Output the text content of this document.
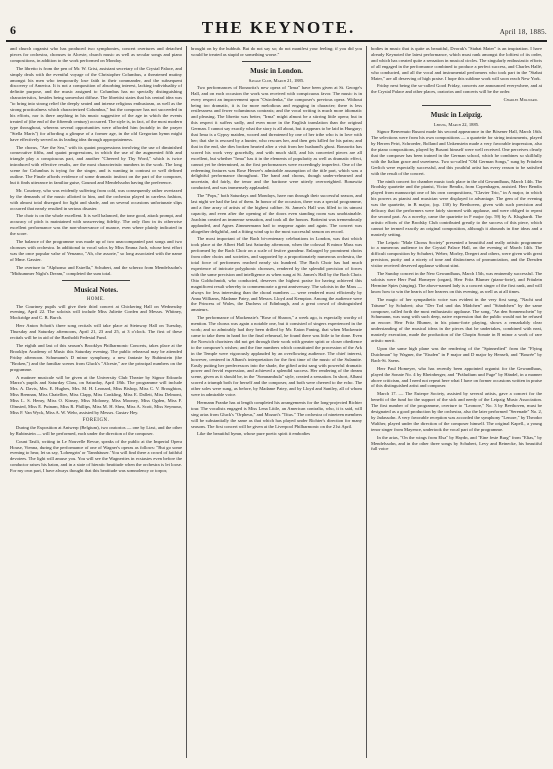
6	THE KEYNOTE.	April 18, 1885.

and church organist who has produced two symphonies, concert overtures and detached pieces for orchestra, choruses to Alceste, church music as well as secular songs and piano compositions, in addition to the work performed on Monday.

The libretto is from the pen of Mr. W. Grist, assistant secretary of the Crystal Palace, and simply deals with the eventful voyage of the Christopher Columbus, a threatened mutiny amongst his men who temporarily lose faith in their commander, and the subsequent discovery of America. It is not a composition of absorbing interest, lacking individuality of definite purpose, and the music assigned to Columbus has no specially distinguishing characteristics, besides being somewhat diffuse. The librettist states that his central idea was "to bring into strong relief the deeply seated and intense religious enthusiasm, as well as the strong practicalness which characterized Columbus," but the composer has not succeeded in his efforts, nor is there anything in his music suggestive of the age in which the events treated of (the end of the fifteenth century) occurred. The style is, in fact, of the most modern type throughout, whereas several opportunities were afforded him (notably in the prayer "Stella Maris") for affording a glimpse of a former age, in the old Gregorian hymn might have effectively served as its leading idea through appropriateness.

The chorus, "Are the Sea," with its quaint progressions involving the use of diminished consecutive fifths, and quaint progressions, in which the use of the augmented fifth and triangle play a conspicuous part, and another "Cheered by Thy Word," which is twice introduced with effective results, are the most characteristic numbers in the work. The long scene for Columbus is trying for the singer, and is wanting in contrast or well defined outline. The Finale affords evidence of some dramatic instinct on the part of the composer, but it finds utterance in familiar guise, Gounod and Mendelssohn having the preference.

Mr. Courtney, who was evidently suffering from cold, was consequently rather overtaxed by the demands of the music allotted to him, and the orchestra played in careless fashion, with almost total disregard for light and shade, and on several occasions unfortunate slips occurred that nearly resulted in serious disaster.

The choir is on the whole excellent. It is well balanced, the tone good, attack prompt, and accuracy of pitch is maintained with unswerving fidelity. The only flaw in its otherwise excellent performance was the non-observance of nuance, even where plainly indicated in the score.

The balance of the programme was made up of two unaccompanied part songs and two choruses with orchestra. In additional to vocal solos by Miss Emma Juch, whose best effort was the once popular valse of Venzano, "Ah, che assorte," so long associated with the name of Mme. Gassier.

The overture to "Alphonso and Estrella," Schubert, and the scherzo from Mendelssohn's "Midsummer Night's Dream," completed the sum total.

Musical Notes.
HOME.

The Courtney pupils will give their third concert at Chickering Hall on Wednesday evening, April 22. The soloists will include Miss Juliette Corden and Messrs. Whitney, Mockridge and C. B. Burch.

Herr Anton Schott's three song recitals will take place at Steinway Hall on Tuesday, Thursday and Saturday afternoons, April 21, 23 and 25, at 3 o'clock. The first of these recitals will be in aid of the Bartholdi Pedestal Fund.

The eighth and last of this season's Brooklyn Philharmonic Concerts, takes place at the Brooklyn Academy of Music this Saturday evening. The public rehearsal may be attended Friday afternoon. Schumann's D minor symphony, a new fantasie by Rubinstein (the "Broken,") and the familiar scenes from Gluck's "Alceste," are the principal numbers on the programme.

A matinee musicale will be given at the University Club Theatre by Signor Edoardo Marzo's pupils and Saturday Class, on Saturday, April 18th. The programme will include Mrs. A. Davis, Mrs. E. Hughes, Mrs. M. H. Leonard, Miss Bishop, Miss C. V. Broughton, Miss Brennan, Miss Chatellier, Miss Clapp, Miss Conkling, Miss E. Dallett, Miss Delmont, Miss L. S. Henry, Miss O. Kinsey, Miss Moloney, Miss Mooney, Miss Ogden, Miss F. Olmsted, Miss E. Putnam, Miss R. Phillips, Miss M. H. Shea, Miss A. Scott, Miss Seymour, Miss F. Van Wyck, Miss A. W. Wehr, assisted by Messrs. Gustav Hey.

FOREIGN.

During the Exposition at Antwerp (Belgium), two oratorios — one by Lizst, and the other by Rubinstein — will be performed, each under the direction of the composer.

Count Tasili, writing in Le Nouvelle Revue, speaks of the public at the Imperial Opera House, Vienna, during the performance of one of Wagner's operas as follows: "But go some evening to hear, let us say, 'Lohengrin' or 'Tannhäuser.' You will find there a crowd of faithful devotees. The light will amuse you. You will see the Wagnerites in ecstasies even before the conductor raises his baton, and in a state of hieratic beatitude when the orchestra is let loose. For my own part, I have always thought that this beatitude was somnolency or torpor,

brought on by the hubbub. But do not say so; do not manifest your feeling; if you did you would be treated as stupid or something worse."

Music in London.
Savage Club, March 21, 1885.

Two performances of Bonawitz's new opera of "Irma" have been given at St. George's Hall, and on each occasion the work was received with conspicuous favor. The music is in every respect an improvement upon "Ostrolenka," the composer's previous opera. Without being too dramatic, it is far more melodious and engaging in character; there is less restlessness and fewer voluminous contrasts; and the vocal writing is much more idiomatic and pleasing. The libretto was better, "Irma" might almost be a stirring little opera; but in this respect it suffers sadly, and even more in the English translation than the original German. I cannot say exactly what the story is all about, but it appears to be laid in Hungary; that Irma is a Gypsy maiden, wooed and threatened by one of her tribe who is in love with her; that she is rescued by a hunter, who rescues her, and then gets killed for his pains; and that in the end, she dies broken hearted after a visit from her husband's ghost. Bonawitz has scored his work very gracefully, and with much skill, and his concerted pieces are all excellent, but whether "Irma" has it in the elements of popularity as well as dramatic effect, cannot yet be determined, as the first performances were exceedingly imperfect. One of the redeeming features was Rose Hersee's admirable assumption of the title part, which was a delightful performance throughout. The band and chorus, though under-rehearsed and uncertain, did fairly, the tenor and the baritone were utterly overweighted. Bonawitz conducted, and was immensely applauded.

The "Pops," both Saturdays and Mondays, have run through their successful season, and last night we had the last of them. In honor of the occasion, there was a special programme, and a fine array of artists of the highest calibre. St. James's Hall was filled to its utmost capacity, and even after the opening of the doors even standing room was unobtainable. Joachim created an immense sensation, and took all the honors. Bottesini was tremendously applauded, and Agnes Zimmermann had to reappear again and again. The concert was altogether delightful, and a fitting wind up to the most successful season on record.

The most important of the Bach bi-centenary celebrations in London, was that which took place at the Albert Hall last Saturday afternoon, when the colossal B minor Mass was performed by the Bach Choir on a scale of festive grandeur. Enlarged by prominent choirs from other choirs and societies, and supported by a proportionately numerous orchestra, the total force of performers reached nearly six hundred. The Bach Choir has had much experience of intricate polyphonic choruses, rendered by the splendid precision of forces with the same precision and intelligence as when sung at St. James's Hall by the Bach Choir. Otto Goldschmidt, who conducted, deserves the highest praise for having achieved this magnificent result whereby to commemorate a great anniversary. The soloists in the Mass — always for less interesting than the choral numbers — were rendered most efficiently by Anna Williams, Madame Patey, and Messrs. Lloyd and Kempton. Among the audience were the Princess of Wales, the Duchess of Edinburgh, and a great crowd of distinguished amateurs.

The performance of Mackenzie's "Rose of Sharon," a week ago, is especially worthy of mention. The chorus was again a notable one, but it consisted of singers experienced in the work; and so admirably had they been drilled by Mr. Eaton Faning, that when Mackenzie came to take them in hand for the final rehearsal, he found there was little to be done. Even the Norwich choristers did not get through their work with greater spirit or closer obedience to the composer's wishes; and the fine numbers which constituted the procession of the Ark in the Temple were vigorously applauded by an overflowing audience. The chief interest, however, centered in Albani's interpretation for the first time of the music of the Sulamite. Easily putting her predecessors into the shade, the gifted artist sang with powerful dramatic power and fervid expression, and achieved a splendid success. Her rendering of the dream scene, given as it should be, in the "Somnambula" style, created a sensation. In short, Albani scored a triumph both for herself and the composer, and both were cheered to the echo. The other soles were sung, as before, by Madame Patey, and by Lloyd and Santley, all of whom were in admirable voice.

Hermann Franke has at length completed his arrangements for the long-projected Richter tour. The vocalists engaged is Miss Lena Little, an American contralto, who, it is said, will sing arias from Gluck's "Orpheus," and Mozart's "Titus." The orchestra of nineteen members will be substantially the same as that which has played under Richter's direction for many seasons. The first concert will be given at the Liverpool Philharmonic on the 21st April.

Like the beautiful hymn, whose pure poetic spirit it embodies

bodies in music that is quite as beautiful, Dvorak's "Stabat Mater" is an inspiration. I have already Keynoted the latest performance, which must rank amongst the loftiest of its order, and which has created quite a sensation in musical circles. The singularly enthusiastic efforts of all engaged in the performance combined to produce a perfect success, and Charles Hallé, who conducted, and all the vocal and instrumental performers who took part in the "Stabat Mater," are all deserving of high praise. I hope this sublime work will soon reach New York.

Friday next being the so-called Good Friday, concerts are announced everywhere, and at the Crystal Palace and other places, oratorios and concerts will be the order.

Charles Millward.
Music in Leipzig.
Leipzig, March 22, 1885.

Signor Benvenuto Busoni made his second appearance in the Bösener Hall, March 16th. The selections were from his own compositions — a quartette for string instruments, played by Herren Petri, Schroeder, Bolland and Unkenstein made a very favorable impression, also the piano compositions, played by Busoni himself were well received. One perceives clearly that the composer has been trained in the German school, which he combines so skillfully with the Italian grace and sweetness. Two so-called "Old German Songs," sung by Fräulein Gerlich were especially successful, and this youthful artist has every reason to be satisfied with the result of the concert.

The ninth concert for chamber music took place in the old Gewandhaus, March 14th. The Brodsky quartette and the pianist, Victor Bendix, from Copenhagen, assisted. Herr Bendix played from manuscript one of his own compositions, "Clavier Trio," in A major, in which his powers as pianist and musician were displayed to advantage. The gem of the evening was the quartette, in B major, (op. 130) by Beethoven, given with such precision and delicacy that the performers were fairly stormed with applause, and were obliged to repeat the second part. As a novelty, came the quartette in F major (op. 59) by A. Klughardt. The artistic efforts of the Brodsky Club contributed greatly to the success of this piece, which cannot be termed exactly an original composition, although it abounds in fine ideas and a masterly setting.

The Leipzic "Male Chorus Society" presented a beautiful and really artistic programme to a numerous audience in the Crystal Palace Hall, on the evening of March 14th. The difficult composition by Schubert, Weber, Morley, Dregert and others, were given with great precision, purity and a nicety of tone and distinctness of pronunciation, and the Dresden visitor received deserved applause without stint.

The Sunday concert in the New Gewandhaus, March 15th, was eminently successful. The soloists were Herr Paul Homeyer (organ), Herr Fritz Blumer (piano-forte), and Fräulein Hermine Spies (singing). The above-named lady is a concert singer of the first rank, and will know how to win the hearts of her hearers on this evening, as well as at all times.

The magic of her sympathetic voice was evident in the very first song, "Nacht und Träume" by Schubert; also "Der Tod und das Mädchen" and "Ständchen" by the same composer, called forth the most enthusiastic applause. The song, "An den Sonnenschein" by Schumann, was sung with such deep, naive expression that the public would not be refused an encore. Herr Fritz Blumer, in his piano-forte playing, shows a remarkably clear understanding of the musical ideas in the pieces that he undertakes, combined with neat, masterly execution, made the production of the Chopin Sonate in B minor a work of rare artistic merit.

Upon the same high plane was the rendering of the "Spinnerlied" from the "Flying Dutchman" by Wagner, the "Etuden" in F major and D major by Henselt, and "Bourée" by Bach-St. Saens.

Herr Paul Homeyer, who has recently been appointed organist for the Gewandhaus, played the Sonate No. 4 by Rheinberger, and "Präludium und Fuge" by Händel, in a manner above criticism, and I need not repeat here what I have on former occasions written in praise of this distinguished artist and composer.

March 17. — The Euterpe Society, assisted by several artists, gave a concert for the benefit of the fund for the support of the sick and needy of the Leipzig Music Association. The first number of the programme, overture to "Leonore," No. 3 by Beethoven, must be designated as a good production by the orchestra, also the later performed "Serenade" No. 2, by Jadassohn. A very favorable reception was accorded the symphony "Lenore," by Theodor Walther, played under the direction of the composer himself. The original Kapell., a young tenor singer from Mayence, undertook the vocal part of the programme.

In the arias, "On the wings from Elsa" by Haydn, and "Eine feste Burg" from "Elias," by Mendelssohn, and in the other three songs by Schubert, Levy and Reinecke, his beautiful full voice
